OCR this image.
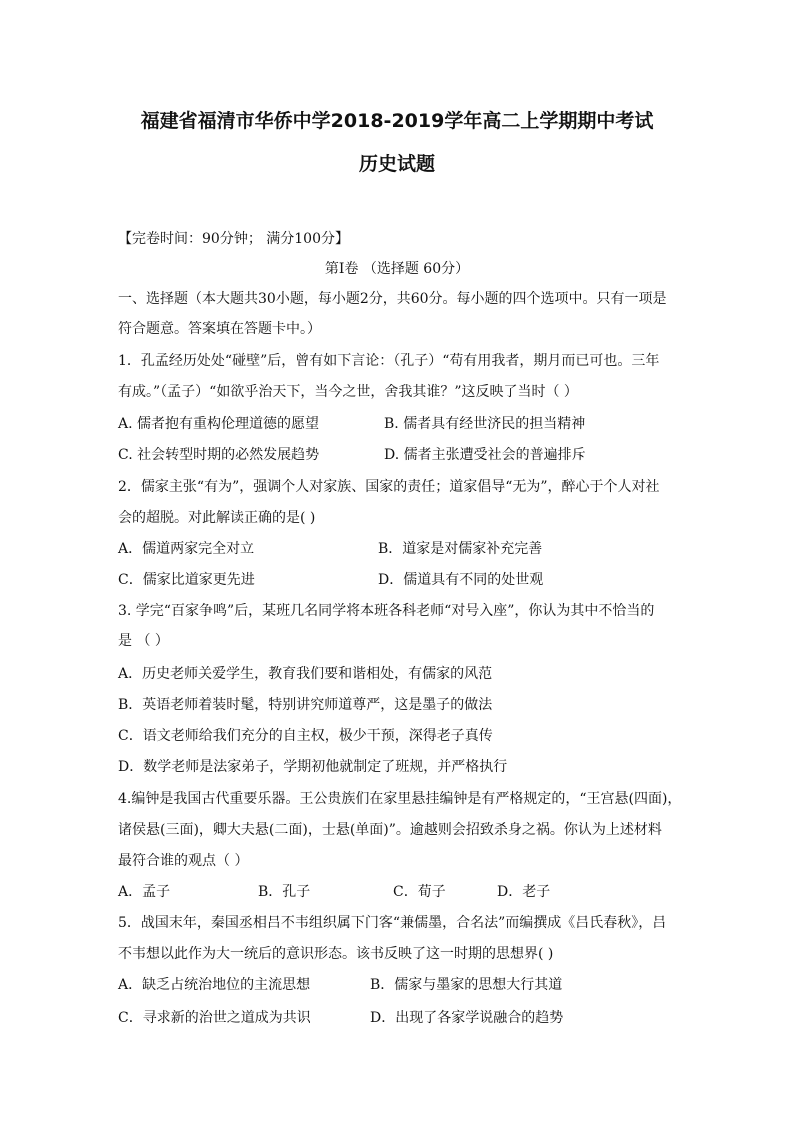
福建省福清市华侨中学2018-2019学年高二上学期期中考试
历史试题
【完卷时间：90分钟； 满分100分】
第Ⅰ卷 （选择题 60分）
一、选择题（本大题共30小题，每小题2分，共60分。每小题的四个选项中。只有一项是
符合题意。答案填在答题卡中。）
1．孔孟经历处处“碰壁”后，曾有如下言论：（孔子）“苟有用我者，期月而已可也。三年
有成。”（孟子）“如欲乎治天下，当今之世，舍我其谁？”这反映了当时（ ）
A. 儒者抱有重构伦理道德的愿望	B. 儒者具有经世济民的担当精神
C. 社会转型时期的必然发展趋势	D. 儒者主张遭受社会的普遍排斥
2．儒家主张“有为”，强调个人对家族、国家的责任；道家倡导“无为”，醉心于个人对社
会的超脱。对此解读正确的是( )
A．儒道两家完全对立	B．道家是对儒家补充完善
C．儒家比道家更先进	D．儒道具有不同的处世观
3. 学完“百家争鸣”后，某班几名同学将本班各科老师“对号入座”，你认为其中不恰当的
是 （ ）
A．历史老师关爱学生，教育我们要和谐相处，有儒家的风范
B．英语老师着装时髦，特别讲究师道尊严，这是墨子的做法
C．语文老师给我们充分的自主权，极少干预，深得老子真传
D．数学老师是法家弟子，学期初他就制定了班规，并严格执行
4.编钟是我国古代重要乐器。王公贵族们在家里悬挂编钟是有严格规定的，“王宫悬(四面)，
诸侯悬(三面)，卿大夫悬(二面)，士悬(单面)”。逾越则会招致杀身之祸。你认为上述材料
最符合谁的观点（ ）
A．孟子	B．孔子	C．荀子	D．老子
5．战国末年，秦国丞相吕不韦组织属下门客“兼儒墨，合名法”而编撰成《吕氏春秋》，吕
不韦想以此作为大一统后的意识形态。该书反映了这一时期的思想界( )
A．缺乏占统治地位的主流思想	B．儒家与墨家的思想大行其道
C．寻求新的治世之道成为共识	D．出现了各家学说融合的趋势
